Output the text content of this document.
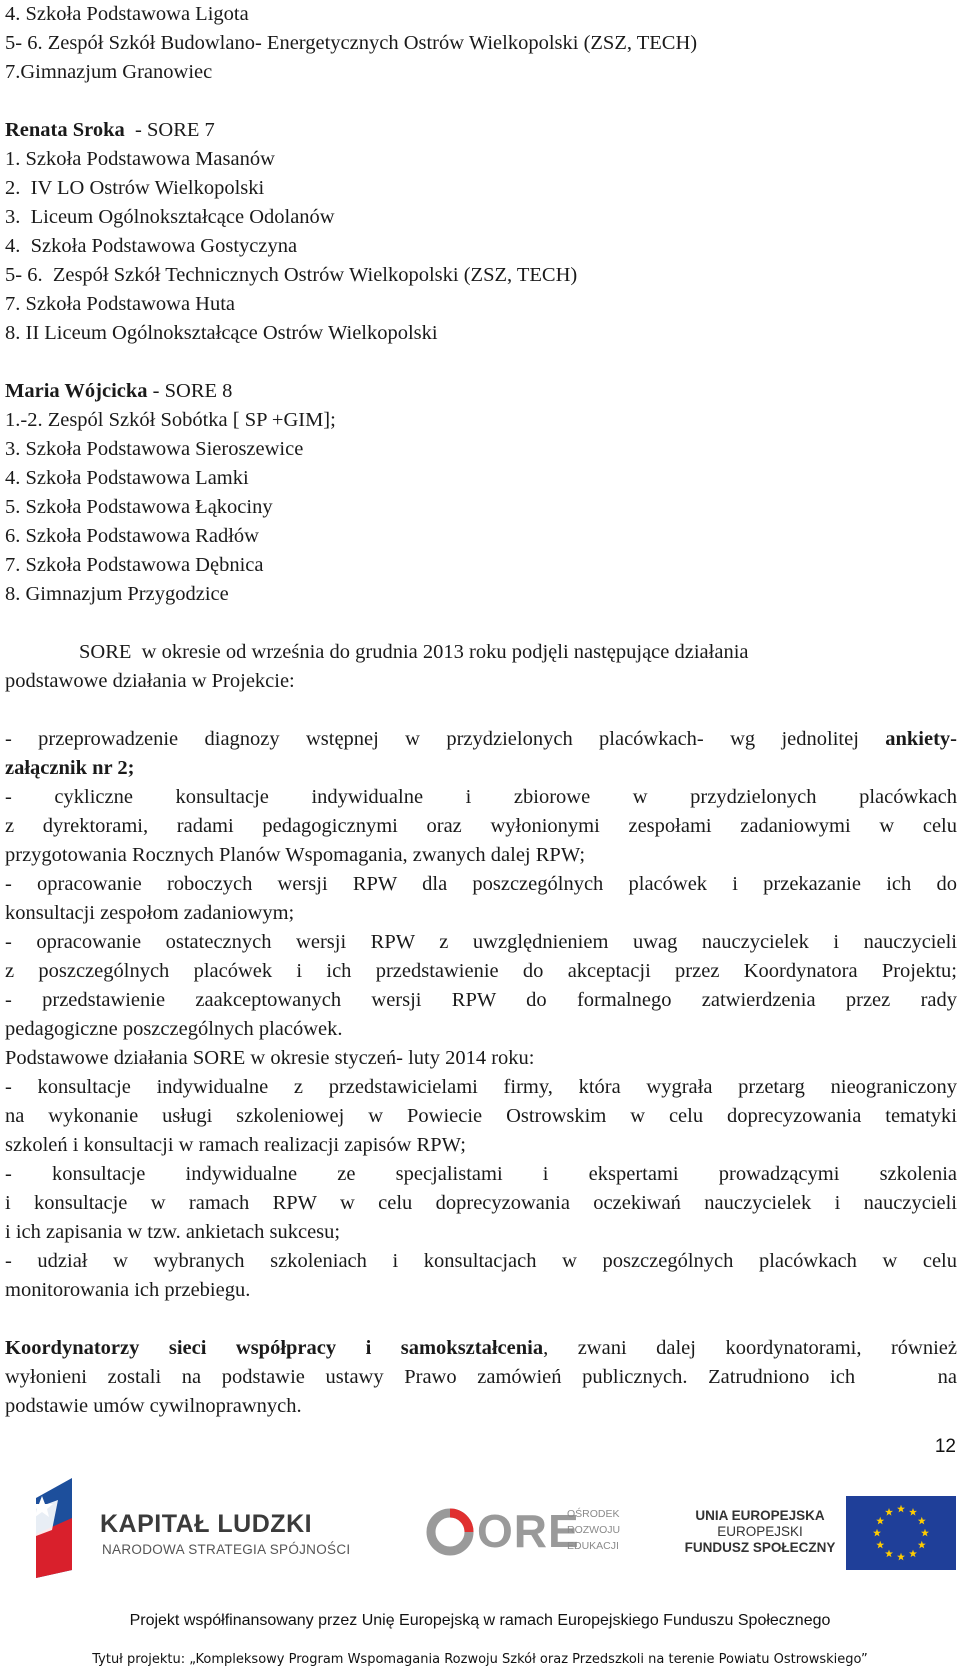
4. Szkoła Podstawowa Ligota
5- 6. Zespół Szkół Budowlano- Energetycznych Ostrów Wielkopolski (ZSZ, TECH)
7.Gimnazjum Granowiec
Renata Sroka  - SORE 7
1. Szkoła Podstawowa Masanów
2.  IV LO Ostrów Wielkopolski
3.  Liceum Ogólnokształcące Odolanów
4.  Szkoła Podstawowa Gostyczyna
5- 6.  Zespół Szkół Technicznych Ostrów Wielkopolski (ZSZ, TECH)
7. Szkoła Podstawowa Huta
8. II Liceum Ogólnokształcące Ostrów Wielkopolski
Maria Wójcicka - SORE 8
1.-2. Zespól Szkół Sobótka [ SP +GIM];
3. Szkoła Podstawowa Sieroszewice
4. Szkoła Podstawowa Lamki
5. Szkoła Podstawowa Łąkociny
6. Szkoła Podstawowa Radłów
7. Szkoła Podstawowa Dębnica
8. Gimnazjum Przygodzice
SORE  w okresie od września do grudnia 2013 roku podjęli następujące działania
podstawowe działania w Projekcie:
- przeprowadzenie diagnozy wstępnej w przydzielonych placówkach- wg jednolitej ankiety-
załącznik nr 2;
- cykliczne konsultacje indywidualne i zbiorowe w przydzielonych placówkach
z dyrektorami, radami pedagogicznymi oraz wyłonionymi zespołami zadaniowymi w celu
przygotowania Rocznych Planów Wspomagania, zwanych dalej RPW;
- opracowanie roboczych wersji RPW dla poszczególnych placówek i przekazanie ich do
konsultacji zespołom zadaniowym;
- opracowanie ostatecznych wersji RPW z uwzględnieniem uwag nauczycielek i nauczycieli
z poszczególnych placówek i ich przedstawienie do akceptacji przez Koordynatora Projektu;
- przedstawienie zaakceptowanych wersji RPW do formalnego zatwierdzenia przez rady
pedagogiczne poszczególnych placówek.
Podstawowe działania SORE w okresie styczeń- luty 2014 roku:
- konsultacje indywidualne z przedstawicielami firmy, która wygrała przetarg nieograniczony
na wykonanie usługi szkoleniowej w Powiecie Ostrowskim w celu doprecyzowania tematyki
szkoleń i konsultacji w ramach realizacji zapisów RPW;
- konsultacje indywidualne ze specjalistami i ekspertami prowadzącymi szkolenia
i konsultacje w ramach RPW w celu doprecyzowania oczekiwań nauczycielek i nauczycieli
i ich zapisania w tzw. ankietach sukcesu;
- udział w wybranych szkoleniach i konsultacjach w poszczególnych placówkach w celu
monitorowania ich przebiegu.
Koordynatorzy sieci współpracy i samokształcenia, zwani dalej koordynatorami, również
wyłonieni zostali na podstawie ustawy Prawo zamówień publicznych. Zatrudniono ich    na
podstawie umów cywilnoprawnych.
12
KAPITAŁ LUDZKI
NARODOWA STRATEGIA SPÓJNOŚCI	ORE
OŚRODEK
ROZWOJU
EDUKACJI
UNIA EUROPEJSKA
EUROPEJSKI
FUNDUSZ SPOŁECZNY
Projekt współfinansowany przez Unię Europejską w ramach Europejskiego Funduszu Społecznego
Tytuł projektu: „Kompleksowy Program Wspomagania Rozwoju Szkół oraz Przedszkoli na terenie Powiatu Ostrowskiego”
